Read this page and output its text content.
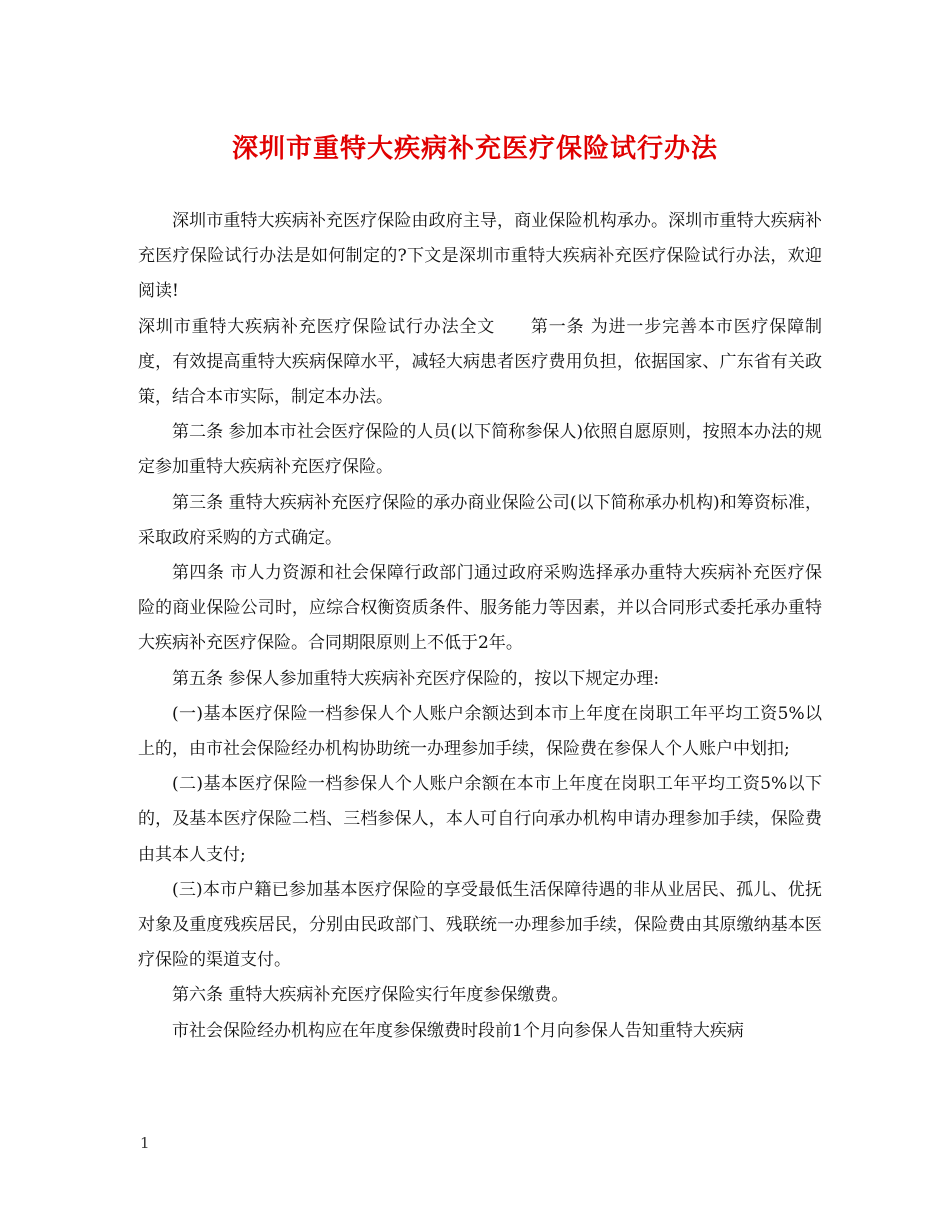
深圳市重特大疾病补充医疗保险试行办法

深圳市重特大疾病补充医疗保险由政府主导，商业保险机构承办。深圳市重特大疾病补充医疗保险试行办法是如何制定的?下文是深圳市重特大疾病补充医疗保险试行办法，欢迎阅读!

深圳市重特大疾病补充医疗保险试行办法全文　　第一条 为进一步完善本市医疗保障制度，有效提高重特大疾病保障水平，减轻大病患者医疗费用负担，依据国家、广东省有关政策，结合本市实际，制定本办法。

第二条 参加本市社会医疗保险的人员(以下简称参保人)依照自愿原则，按照本办法的规定参加重特大疾病补充医疗保险。

第三条 重特大疾病补充医疗保险的承办商业保险公司(以下简称承办机构)和筹资标准，采取政府采购的方式确定。

第四条 市人力资源和社会保障行政部门通过政府采购选择承办重特大疾病补充医疗保险的商业保险公司时，应综合权衡资质条件、服务能力等因素，并以合同形式委托承办重特大疾病补充医疗保险。合同期限原则上不低于2年。

第五条 参保人参加重特大疾病补充医疗保险的，按以下规定办理:

(一)基本医疗保险一档参保人个人账户余额达到本市上年度在岗职工年平均工资5%以上的，由市社会保险经办机构协助统一办理参加手续，保险费在参保人个人账户中划扣;

(二)基本医疗保险一档参保人个人账户余额在本市上年度在岗职工年平均工资5%以下的，及基本医疗保险二档、三档参保人，本人可自行向承办机构申请办理参加手续，保险费由其本人支付;

(三)本市户籍已参加基本医疗保险的享受最低生活保障待遇的非从业居民、孤儿、优抚对象及重度残疾居民，分别由民政部门、残联统一办理参加手续，保险费由其原缴纳基本医疗保险的渠道支付。

第六条 重特大疾病补充医疗保险实行年度参保缴费。

市社会保险经办机构应在年度参保缴费时段前1个月向参保人告知重特大疾病

1
